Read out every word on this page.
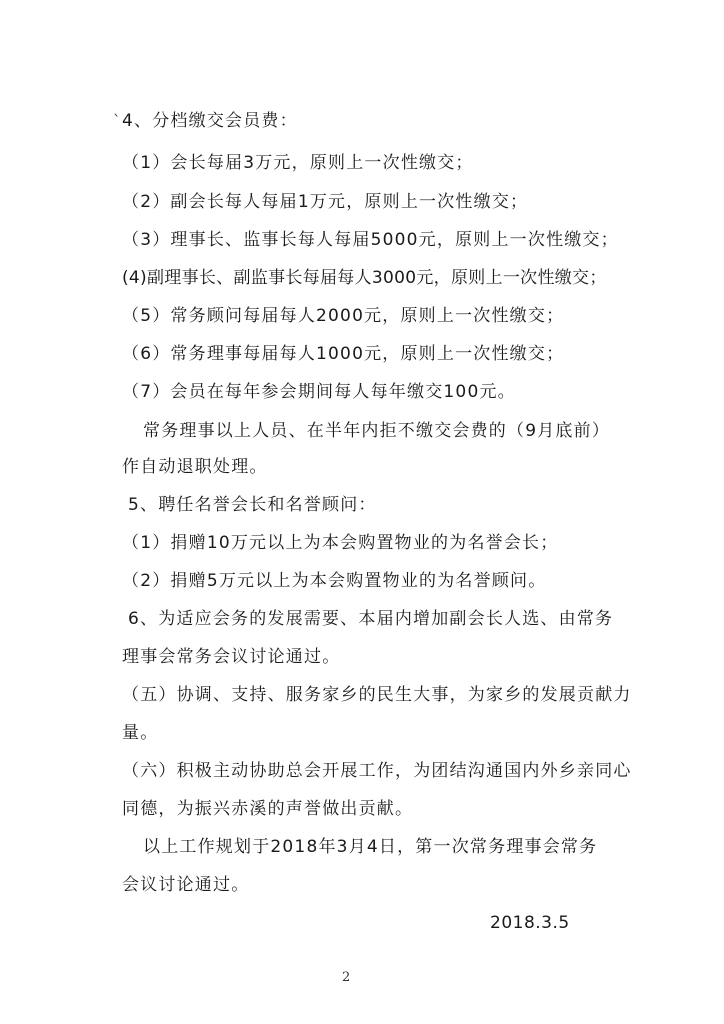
` 4、分档缴交会员费：
（1）会长每届3万元，原则上一次性缴交；
（2）副会长每人每届1万元，原则上一次性缴交；
（3）理事长、监事长每人每届5000元，原则上一次性缴交；
(4)副理事长、副监事长每届每人3000元，原则上一次性缴交；
（5）常务顾问每届每人2000元，原则上一次性缴交；
（6）常务理事每届每人1000元，原则上一次性缴交；
（7）会员在每年参会期间每人每年缴交100元。
常务理事以上人员、在半年内拒不缴交会费的（9月底前）
作自动退职处理。
5、聘任名誉会长和名誉顾问：
（1）捐赠10万元以上为本会购置物业的为名誉会长；
（2）捐赠5万元以上为本会购置物业的为名誉顾问。
6、为适应会务的发展需要、本届内增加副会长人选、由常务
理事会常务会议讨论通过。
（五）协调、支持、服务家乡的民生大事，为家乡的发展贡献力
量。
（六）积极主动协助总会开展工作，为团结沟通国内外乡亲同心
同德，为振兴赤溪的声誉做出贡献。
以上工作规划于2018年3月4日，第一次常务理事会常务
会议讨论通过。
2018.3.5
2
